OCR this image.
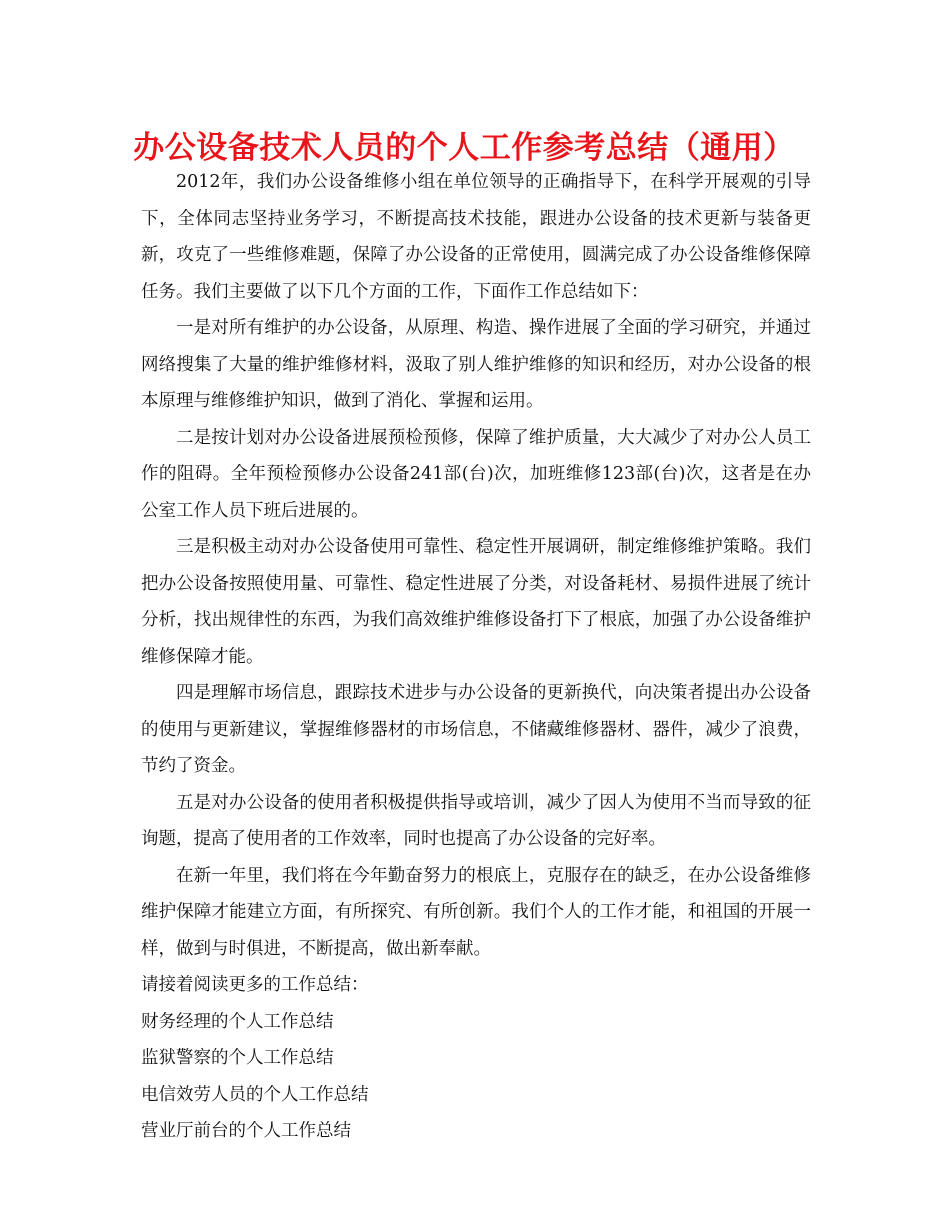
办公设备技术人员的个人工作参考总结（通用）

2012年，我们办公设备维修小组在单位领导的正确指导下，在科学开展观的引导下，全体同志坚持业务学习，不断提高技术技能，跟进办公设备的技术更新与装备更新，攻克了一些维修难题，保障了办公设备的正常使用，圆满完成了办公设备维修保障任务。我们主要做了以下几个方面的工作，下面作工作总结如下：

一是对所有维护的办公设备，从原理、构造、操作进展了全面的学习研究，并通过网络搜集了大量的维护维修材料，汲取了别人维护维修的知识和经历，对办公设备的根本原理与维修维护知识，做到了消化、掌握和运用。

二是按计划对办公设备进展预检预修，保障了维护质量，大大减少了对办公人员工作的阻碍。全年预检预修办公设备241部(台)次，加班维修123部(台)次，这者是在办公室工作人员下班后进展的。

三是积极主动对办公设备使用可靠性、稳定性开展调研，制定维修维护策略。我们把办公设备按照使用量、可靠性、稳定性进展了分类，对设备耗材、易损件进展了统计分析，找出规律性的东西，为我们高效维护维修设备打下了根底，加强了办公设备维护维修保障才能。

四是理解市场信息，跟踪技术进步与办公设备的更新换代，向决策者提出办公设备的使用与更新建议，掌握维修器材的市场信息，不储藏维修器材、器件，减少了浪费，节约了资金。

五是对办公设备的使用者积极提供指导或培训，减少了因人为使用不当而导致的征询题，提高了使用者的工作效率，同时也提高了办公设备的完好率。

在新一年里，我们将在今年勤奋努力的根底上，克服存在的缺乏，在办公设备维修维护保障才能建立方面，有所探究、有所创新。我们个人的工作才能，和祖国的开展一样，做到与时俱进，不断提高，做出新奉献。

请接着阅读更多的工作总结：

财务经理的个人工作总结

监狱警察的个人工作总结

电信效劳人员的个人工作总结

营业厅前台的个人工作总结
